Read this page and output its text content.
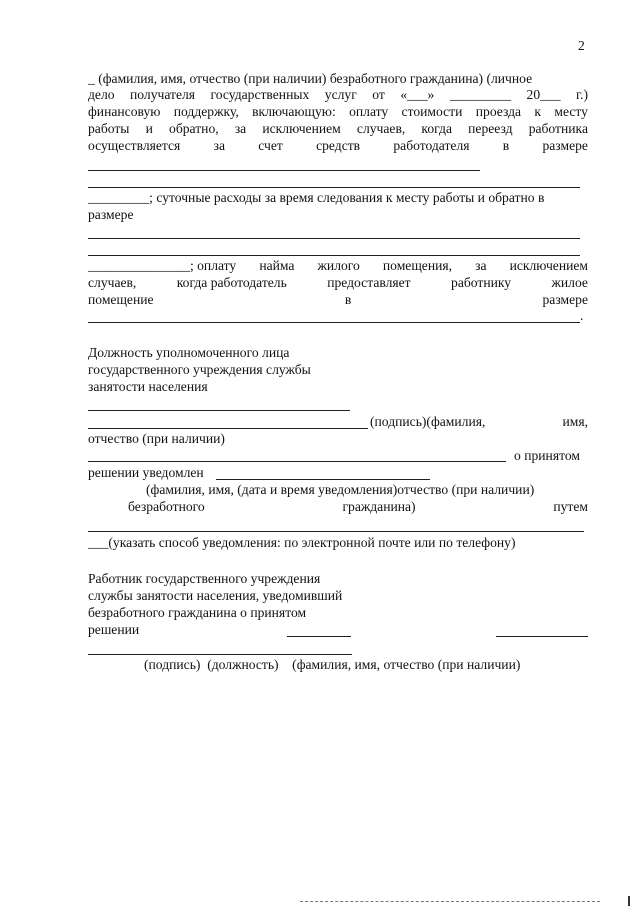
2
_ (фамилия, имя, отчество (при наличии) безработного гражданина) (личное
дело получателя государственных услуг от «___» _________ 20___ г.)
финансовую поддержку, включающую: оплату стоимости проезда к месту
работы и обратно, за исключением случаев, когда переезд работника
осуществляется за счет средств работодателя в размере
_________; суточные расходы за время следования к месту работы и обратно в
размере
_______________; оплату найма жилого помещения, за исключением
случаев,	когда работодатель	предоставляет	работнику	жилое
помещение	в	размере
.
Должность уполномоченного лица
государственного учреждения службы
занятости населения
(подпись)(фамилия,	имя,
отчество (при наличии)
о принятом
решении уведомлен
(фамилия, имя, (дата и время уведомления)отчество (при наличии)
безработного	гражданина)	путем
___(указать способ уведомления: по электронной почте или по телефону)
Работник государственного учреждения
службы занятости населения, уведомивший
безработного гражданина о принятом
решении
(подпись)  (должность)    (фамилия, имя, отчество (при наличии)
